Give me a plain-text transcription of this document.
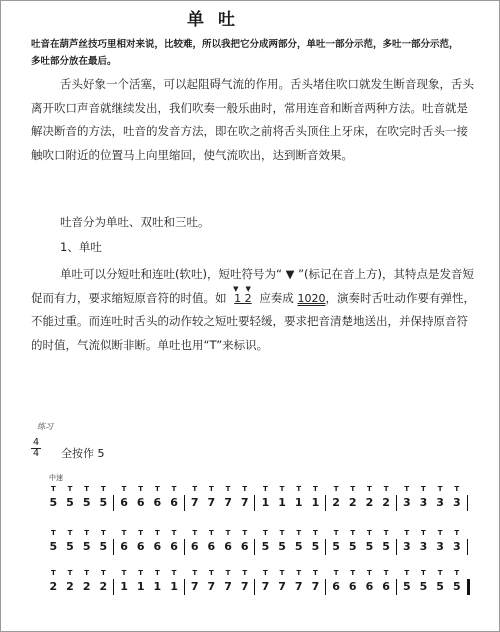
单吐
吐音在葫芦丝技巧里相对来说，比较难，所以我把它分成两部分，单吐一部分示范，多吐一部分示范，
多吐部分放在最后。
舌头好象一个活塞，可以起阻碍气流的作用。舌头堵住吹口就发生断音现象，舌头离开吹口声音就继续发出，我们吹奏一般乐曲时，常用连音和断音两种方法。吐音就是解决断音的方法，吐音的发音方法，即在吹之前将舌头顶住上牙床，在吹完时舌头一接触吹口附近的位置马上向里缩回，使气流吹出，达到断音效果。
吐音分为单吐、双吐和三吐。
1、单吐
单吐可以分短吐和连吐(软吐)，短吐符号为“ ▼ ”(标记在音上方)，其特点是发音短促而有力，要求缩短原音符的时值。如
▼▼
1 2 应奏成 1020，演奏时舌吐动作要有弹性，不能过重。而连吐时舌头的动作较之短吐要轻缓，要求把音清楚地送出，并保持原音符的时值，气流似断非断。单吐也用“T”来标识。
练习
4
4 全按作 5
中速
T	T	T	T	T	T	T	T	T	T	T	T	T	T	T	T	T	T	T	T	T	T	T	T
5 5 5 5	6 6 6 6	7 7 7 7	1 1 1 1	2 2 2 2	3 3 3 3
T	T	T	T	T	T	T	T	T	T	T	T	T	T	T	T	T	T	T	T	T	T	T	T
5 5 5 5	6 6 6 6	6 6 6 6	5 5 5 5	5 5 5 5	3 3 3 3
T	T	T	T	T	T	T	T	T	T	T	T	T	T	T	T	T	T	T	T	T	T	T	T
2 2 2 2	1 1 1 1	7 7 7 7	7 7 7 7	6 6 6 6	5 5 5 5
